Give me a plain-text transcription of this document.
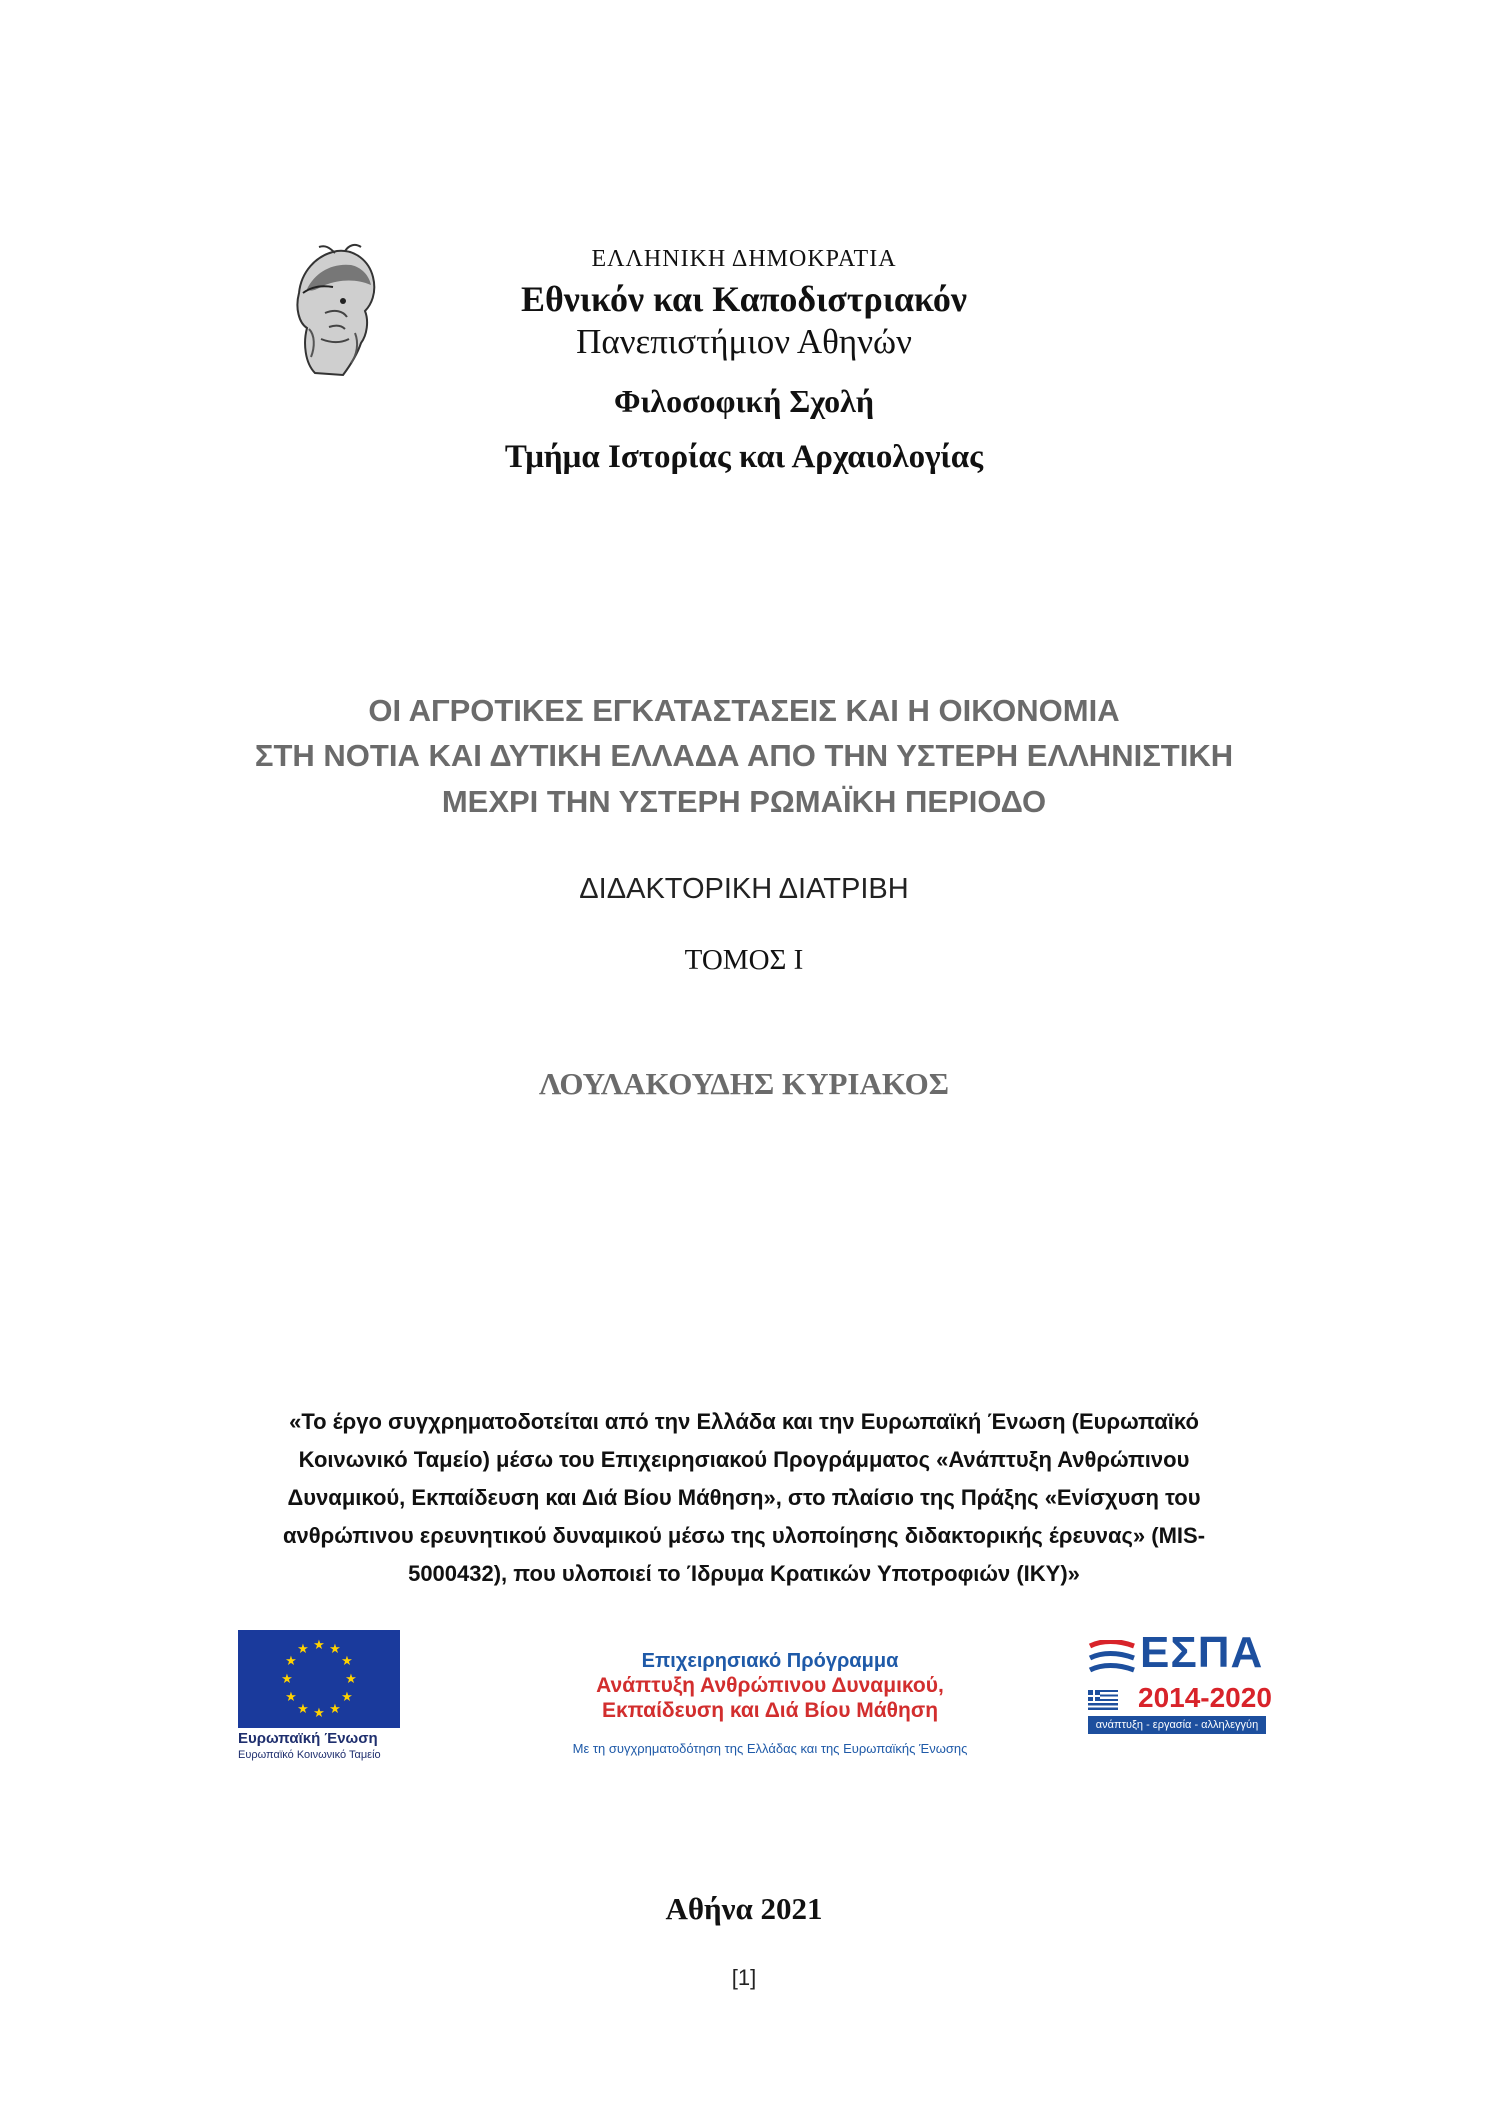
ΕΛΛΗΝΙΚΗ ΔΗΜΟΚΡΑΤΙΑ
Εθνικόν και Καποδιστριακόν
Πανεπιστήμιον Αθηνών
Φιλοσοφική Σχολή
Τμήμα Ιστορίας και Αρχαιολογίας
ΟΙ ΑΓΡΟΤΙΚΕΣ ΕΓΚΑΤΑΣΤΑΣΕΙΣ ΚΑΙ Η ΟΙΚΟΝΟΜΙΑ
ΣΤΗ ΝΟΤΙΑ ΚΑΙ ΔΥΤΙΚΗ ΕΛΛΑΔΑ ΑΠΟ ΤΗΝ ΥΣΤΕΡΗ ΕΛΛΗΝΙΣΤΙΚΗ
ΜΕΧΡΙ ΤΗΝ ΥΣΤΕΡΗ ΡΩΜΑΪΚΗ ΠΕΡΙΟΔΟ
ΔΙΔΑΚΤΟΡΙΚΗ ΔΙΑΤΡΙΒΗ
ΤΟΜΟΣ Ι
ΛΟΥΛΑΚΟΥΔΗΣ ΚΥΡΙΑΚΟΣ
«Το έργο συγχρηματοδοτείται από την Ελλάδα και την Ευρωπαϊκή Ένωση (Ευρωπαϊκό
Κοινωνικό Ταμείο) μέσω του Επιχειρησιακού Προγράμματος «Ανάπτυξη Ανθρώπινου
Δυναμικού, Εκπαίδευση και Διά Βίου Μάθηση», στο πλαίσιο της Πράξης «Ενίσχυση του
ανθρώπινου ερευνητικού δυναμικού μέσω της υλοποίησης διδακτορικής έρευνας» (MIS-
5000432), που υλοποιεί το Ίδρυμα Κρατικών Υποτροφιών (ΙΚΥ)»
★ ★
★
★
★
★
★
★
★
★
★
★
Ευρωπαϊκή Ένωση
Ευρωπαϊκό Κοινωνικό Ταμείο
Επιχειρησιακό Πρόγραμμα
Ανάπτυξη Ανθρώπινου Δυναμικού,
Εκπαίδευση και Διά Βίου Μάθηση
Με τη συγχρηματοδότηση της Ελλάδας και της Ευρωπαϊκής Ένωσης
ΕΣΠΑ
2014-2020
ανάπτυξη - εργασία - αλληλεγγύη
Αθήνα 2021
[1]
